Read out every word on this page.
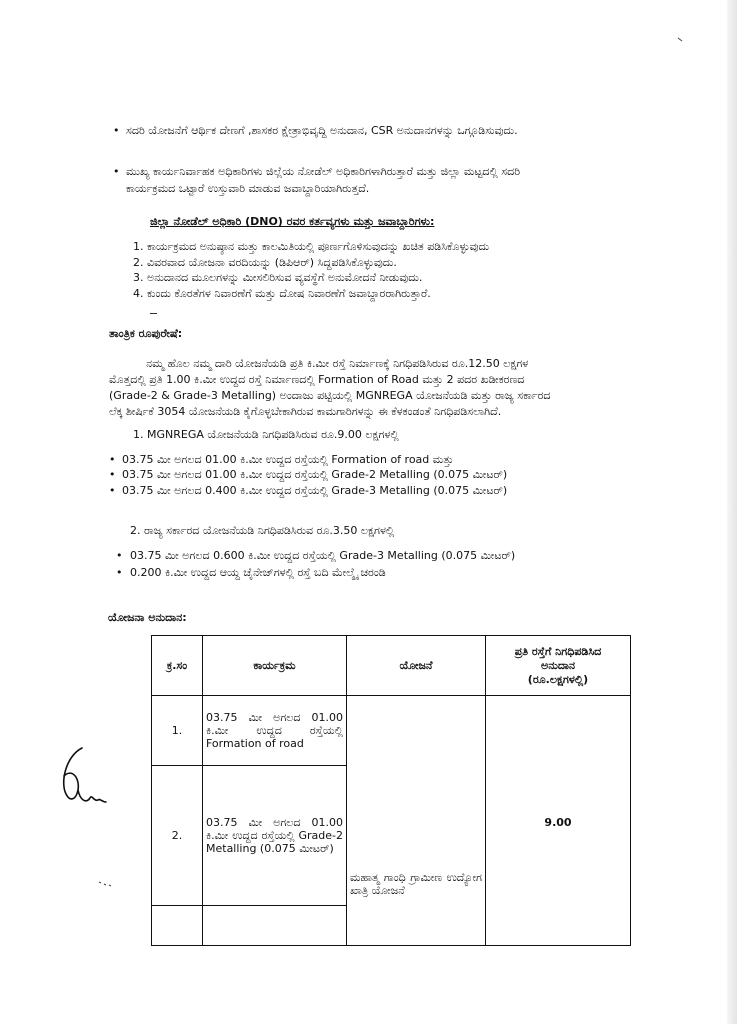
• ಸದರಿ ಯೋಜನೆಗೆ ಆರ್ಥಿಕ ದೇಣಗೆ ,ಶಾಸಕರ ಕ್ಷೇತ್ರಾಭಿವೃದ್ದಿ ಅನುದಾನ, CSR ಅನುದಾನಗಳನ್ನು ಒಗ್ಗೂಡಿಸುವುದು.
• ಮುಖ್ಯ ಕಾರ್ಯನಿರ್ವಾಹಕ ಅಧಿಕಾರಿಗಳು ಜಿಲ್ಲೆಯ ನೋಡೆಲ್ ಅಧಿಕಾರಿಗಳಾಗಿರುತ್ತಾರೆ ಮತ್ತು ಜಿಲ್ಲಾ ಮಟ್ಟದಲ್ಲಿ ಸದರಿ
ಕಾರ್ಯಕ್ರಮದ ಒಟ್ಟಾರೆ ಉಸ್ತುವಾರಿ ಮಾಡುವ ಜವಾಬ್ದಾರಿಯಾಗಿರುತ್ತದೆ.
ಜಿಲ್ಲಾ ನೋಡೆಲ್ ಅಧಿಕಾರಿ (DNO) ರವರ ಕರ್ತವ್ಯಗಳು ಮತ್ತು ಜವಾಬ್ದಾರಿಗಳು:
1. ಕಾರ್ಯಕ್ರಮದ ಅನುಷ್ಠಾನ ಮತ್ತು ಕಾಲಮಿತಿಯಲ್ಲಿ ಪೂರ್ಣಗೊಳಿಸುವುದನ್ನು ಖಚಿತ ಪಡಿಸಿಕೊಳ್ಳುವುದು
2. ವಿವರವಾದ ಯೋಜನಾ ವರದಿಯನ್ನು (ಡಿಪಿಆರ್) ಸಿದ್ದಪಡಿಸಿಕೊಳ್ಳುವುದು.
3. ಅನುದಾನದ ಮೂಲಗಳನ್ನು ಮೀಸಲಿರಿಸುವ ವ್ಯವಸ್ಥೆಗೆ ಅನುಮೋದನೆ ನೀಡುವುದು.
4. ಕುಂದು ಕೊರತೆಗಳ ನಿವಾರಣೆಗೆ ಮತ್ತು ದೋಷ ನಿವಾರಣೆಗೆ ಜವಾಬ್ದಾರರಾಗಿರುತ್ತಾರೆ.
ತಾಂತ್ರಿಕ ರೂಪುರೇಷೆ:
ನಮ್ಮ ಹೊಲ ನಮ್ಮ ದಾರಿ ಯೋಜನೆಯಡಿ ಪ್ರತಿ ಕಿ.ಮೀ ರಸ್ತೆ ನಿರ್ಮಾಣಕ್ಕೆ ನಿಗಧಿಪಡಿಸಿರುವ ರೂ.12.50 ಲಕ್ಷಗಳ
ಮೊತ್ತದಲ್ಲಿ ಪ್ರತಿ 1.00 ಕಿ.ಮೀ ಉದ್ದದ ರಸ್ತೆ ನಿರ್ಮಾಣದಲ್ಲಿ Formation of Road ಮತ್ತು 2 ಪದರ ಖಡೀಕರಣದ
(Grade-2 & Grade-3 Metalling) ಅಂದಾಜು ಪಟ್ಟಿಯಲ್ಲಿ MGNREGA ಯೋಜನೆಯಡಿ ಮತ್ತು ರಾಜ್ಯ ಸರ್ಕಾರದ
ಲೆಕ್ಕ ಶೀರ್ಷಿಕೆ 3054 ಯೋಜನೆಯಡಿ ಕೈಗೊಳ್ಳಬೇಕಾಗಿರುವ ಕಾಮಗಾರಿಗಳನ್ನು ಈ ಕೆಳಕಂಡಂತೆ ನಿಗಧಿಪಡಿಸಲಾಗಿದೆ.
1. MGNREGA ಯೋಜನೆಯಡಿ ನಿಗಧಿಪಡಿಸಿರುವ ರೂ.9.00 ಲಕ್ಷಗಳಲ್ಲಿ
• 03.75 ಮೀ ಅಗಲದ 01.00 ಕಿ.ಮೀ ಉದ್ದದ ರಸ್ತೆಯಲ್ಲಿ Formation of road ಮತ್ತು
• 03.75 ಮೀ ಅಗಲದ 01.00 ಕಿ.ಮೀ ಉದ್ದದ ರಸ್ತೆಯಲ್ಲಿ Grade-2 Metalling (0.075 ಮೀಟರ್)
• 03.75 ಮೀ ಅಗಲದ 0.400 ಕಿ.ಮೀ ಉದ್ದದ ರಸ್ತೆಯಲ್ಲಿ Grade-3 Metalling (0.075 ಮೀಟರ್)
2. ರಾಜ್ಯ ಸರ್ಕಾರದ ಯೋಜನೆಯಡಿ ನಿಗಧಿಪಡಿಸಿರುವ ರೂ.3.50 ಲಕ್ಷಗಳಲ್ಲಿ
• 03.75 ಮೀ ಅಗಲದ 0.600 ಕಿ.ಮೀ ಉದ್ದದ ರಸ್ತೆಯಲ್ಲಿ Grade-3 Metalling (0.075 ಮೀಟರ್)
• 0.200 ಕಿ.ಮೀ ಉದ್ದದ ಆಯ್ದ ಚೈನೇಜ್‌ಗಳಲ್ಲಿ ರಸ್ತೆ ಬದಿ ಮೇಲ್ಮೈ ಚರಂಡಿ
ಯೋಜನಾ ಅನುದಾನ:
ಕ್ರ.ಸಂ	ಕಾರ್ಯಕ್ರಮ	ಯೋಜನೆ	ಪ್ರತಿ ರಸ್ತೆಗೆ ನಿಗಧಿಪಡಿಸಿದ
ಅನುದಾನ
(ರೂ.ಲಕ್ಷಗಳಲ್ಲಿ)

1.	03.75 ಮೀ ಅಗಲದ 01.00 ಕಿ.ಮೀ ಉದ್ದದ ರಸ್ತೆಯಲ್ಲಿ Formation of road	ಮಹಾತ್ಮ ಗಾಂಧಿ ಗ್ರಾಮೀಣ ಉದ್ಯೋಗ ಖಾತ್ರಿ ಯೋಜನೆ	9.00
2.	03.75 ಮೀ ಅಗಲದ 01.00 ಕಿ.ಮೀ ಉದ್ದದ ರಸ್ತೆಯಲ್ಲಿ Grade-2 Metalling (0.075 ಮೀಟರ್)		
